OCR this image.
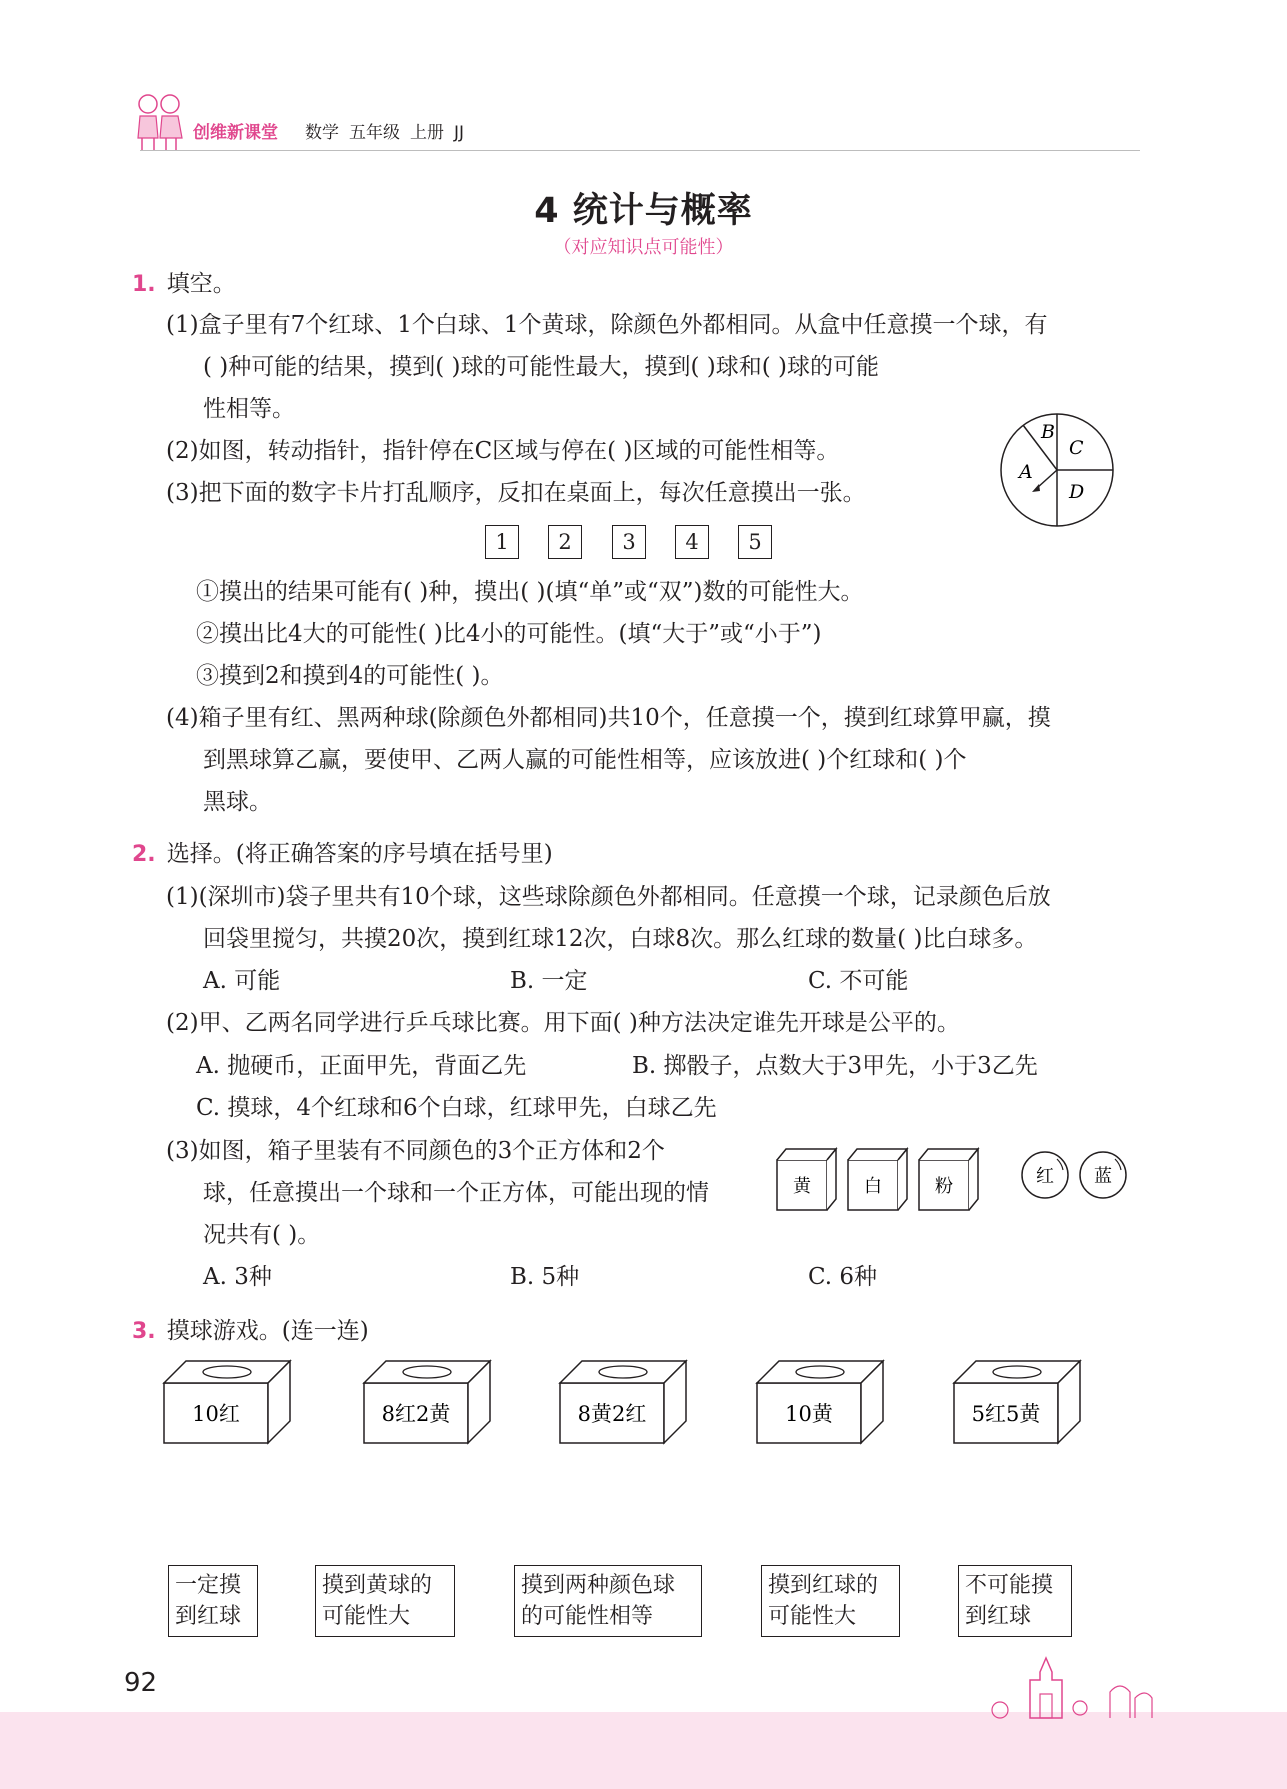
创维新课堂 数学 五年级 上册 JJ
4 统计与概率
（对应知识点可能性）
1. 填空。
(1)盒子里有7个红球、1个白球、1个黄球，除颜色外都相同。从盒中任意摸一个球，有
( )种可能的结果，摸到( )球的可能性最大，摸到( )球和( )球的可能
性相等。
(2)如图，转动指针，指针停在C区域与停在( )区域的可能性相等。
(3)把下面的数字卡片打乱顺序，反扣在桌面上，每次任意摸出一张。
B
C
A
D
1	2	3	4	5
①摸出的结果可能有( )种，摸出( )(填“单”或“双”)数的可能性大。
②摸出比4大的可能性( )比4小的可能性。(填“大于”或“小于”)
③摸到2和摸到4的可能性( )。
(4)箱子里有红、黑两种球(除颜色外都相同)共10个，任意摸一个，摸到红球算甲赢，摸
到黑球算乙赢，要使甲、乙两人赢的可能性相等，应该放进( )个红球和( )个
黑球。
2. 选择。(将正确答案的序号填在括号里)
(1)(深圳市)袋子里共有10个球，这些球除颜色外都相同。任意摸一个球，记录颜色后放
回袋里搅匀，共摸20次，摸到红球12次，白球8次。那么红球的数量( )比白球多。
A. 可能	B. 一定	C. 不可能
(2)甲、乙两名同学进行乒乓球比赛。用下面( )种方法决定谁先开球是公平的。
A. 抛硬币，正面甲先，背面乙先	B. 掷骰子，点数大于3甲先，小于3乙先
C. 摸球，4个红球和6个白球，红球甲先，白球乙先
(3)如图，箱子里装有不同颜色的3个正方体和2个
球，任意摸出一个球和一个正方体，可能出现的情
况共有( )。
A. 3种	B. 5种	C. 6种
黄	白	粉	红 蓝
3. 摸球游戏。(连一连)
10红	8红2黄	8黄2红	10黄	5红5黄
一定摸
到红球
摸到黄球的
可能性大
摸到两种颜色球
的可能性相等
摸到红球的
可能性大
不可能摸
到红球
92
